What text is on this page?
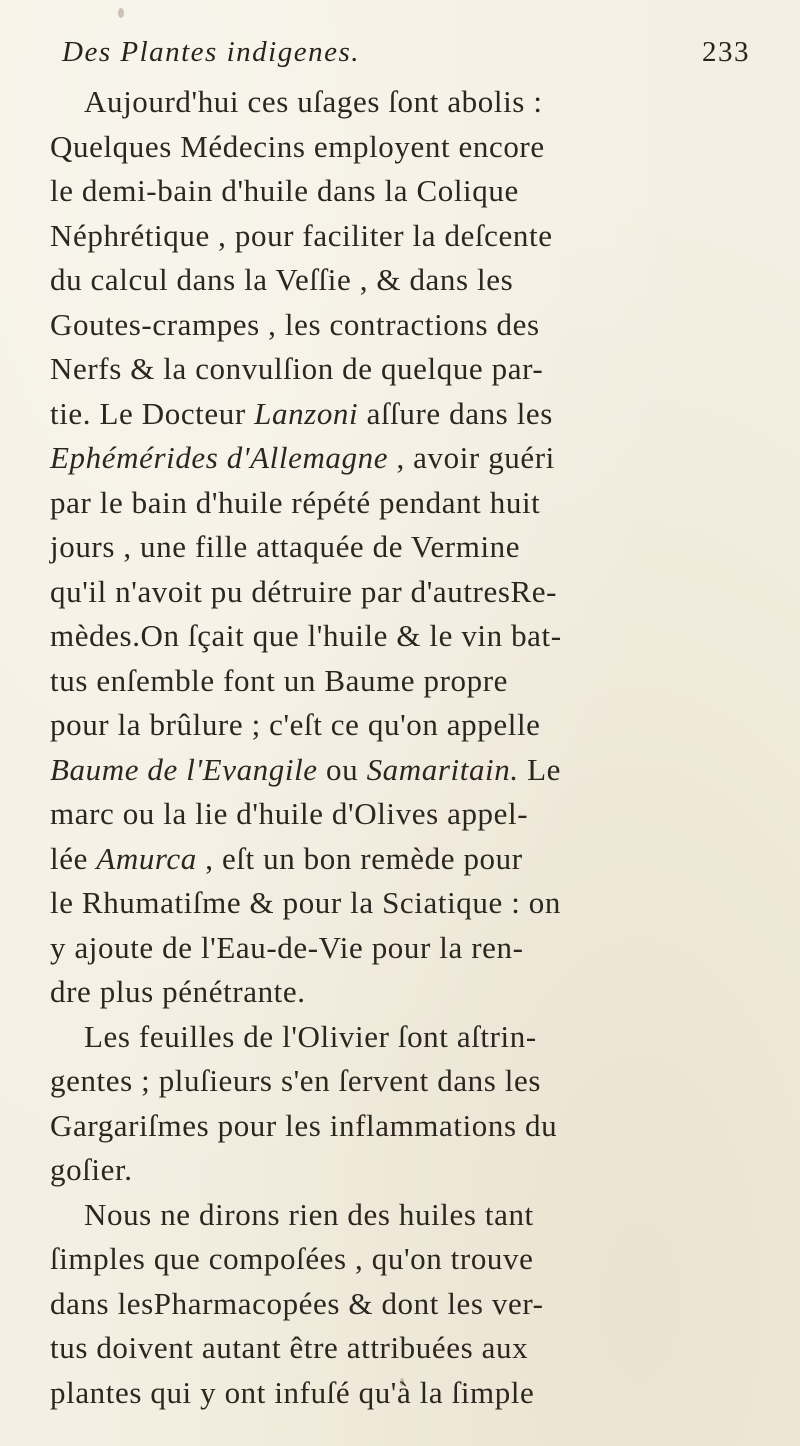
Des Plantes indigenes.	233
Aujourd'hui ces uſages ſont abolis :
Quelques Médecins employent encore
le demi-bain d'huile dans la Colique
Néphrétique , pour faciliter la deſcente
du calcul dans la Veſſie , & dans les
Goutes-crampes , les contractions des
Nerfs & la convulſion de quelque par-
tie. Le Docteur Lanzoni aſſure dans les
Ephémérides d'Allemagne , avoir guéri
par le bain d'huile répété pendant huit
jours , une fille attaquée de Vermine
qu'il n'avoit pu détruire par d'autresRe-
mèdes.On ſçait que l'huile & le vin bat-
tus enſemble font un Baume propre
pour la brûlure ; c'eſt ce qu'on appelle
Baume de l'Evangile ou Samaritain. Le
marc ou la lie d'huile d'Olives appel-
lée Amurca , eſt un bon remède pour
le Rhumatiſme & pour la Sciatique : on
y ajoute de l'Eau-de-Vie pour la ren-
dre plus pénétrante.
Les feuilles de l'Olivier ſont aſtrin-
gentes ; pluſieurs s'en ſervent dans les
Gargariſmes pour les inflammations du
goſier.
Nous ne dirons rien des huiles tant
ſimples que compoſées , qu'on trouve
dans lesPharmacopées & dont les ver-
tus doivent autant être attribuées aux
plantes qui y ont infuſé qu'à la ſimple
